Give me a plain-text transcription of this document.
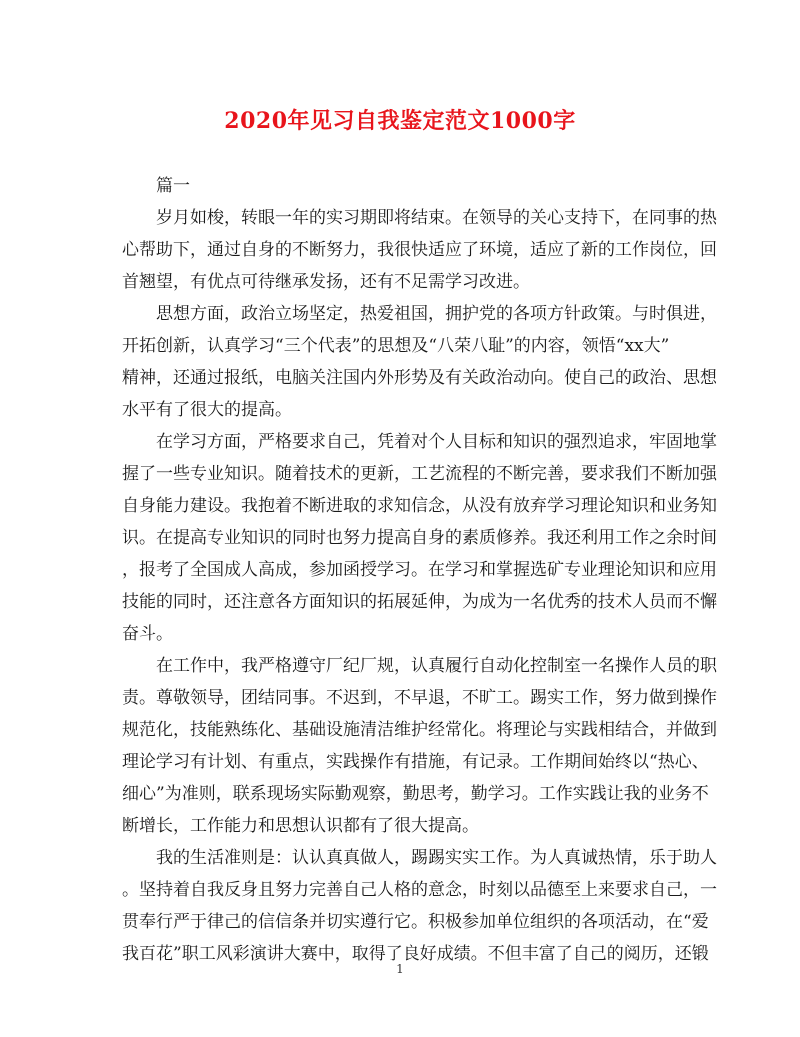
2020年见习自我鉴定范文1000字
篇一
岁月如梭，转眼一年的实习期即将结束。在领导的关心支持下，在同事的热
心帮助下，通过自身的不断努力，我很快适应了环境，适应了新的工作岗位，回
首翘望，有优点可待继承发扬，还有不足需学习改进。
思想方面，政治立场坚定，热爱祖国，拥护党的各项方针政策。与时俱进，
开拓创新，认真学习“三个代表”的思想及“八荣八耻”的内容，领悟“xx大”
精神，还通过报纸，电脑关注国内外形势及有关政治动向。使自己的政治、思想
水平有了很大的提高。
在学习方面，严格要求自己，凭着对个人目标和知识的强烈追求，牢固地掌
握了一些专业知识。随着技术的更新，工艺流程的不断完善，要求我们不断加强
自身能力建设。我抱着不断进取的求知信念，从没有放弃学习理论知识和业务知
识。在提高专业知识的同时也努力提高自身的素质修养。我还利用工作之余时间
，报考了全国成人高成，参加函授学习。在学习和掌握选矿专业理论知识和应用
技能的同时，还注意各方面知识的拓展延伸，为成为一名优秀的技术人员而不懈
奋斗。
在工作中，我严格遵守厂纪厂规，认真履行自动化控制室一名操作人员的职
责。尊敬领导，团结同事。不迟到，不早退，不旷工。踢实工作，努力做到操作
规范化，技能熟练化、基础设施清洁维护经常化。将理论与实践相结合，并做到
理论学习有计划、有重点，实践操作有措施，有记录。工作期间始终以“热心、
细心”为准则，联系现场实际勤观察，勤思考，勤学习。工作实践让我的业务不
断增长，工作能力和思想认识都有了很大提高。
我的生活准则是：认认真真做人，踢踢实实工作。为人真诚热情，乐于助人
。坚持着自我反身且努力完善自己人格的意念，时刻以品德至上来要求自己，一
贯奉行严于律己的信信条并切实遵行它。积极参加单位组织的各项活动，在“爱
我百花”职工风彩演讲大赛中，取得了良好成绩。不但丰富了自己的阅历，还锻
1
